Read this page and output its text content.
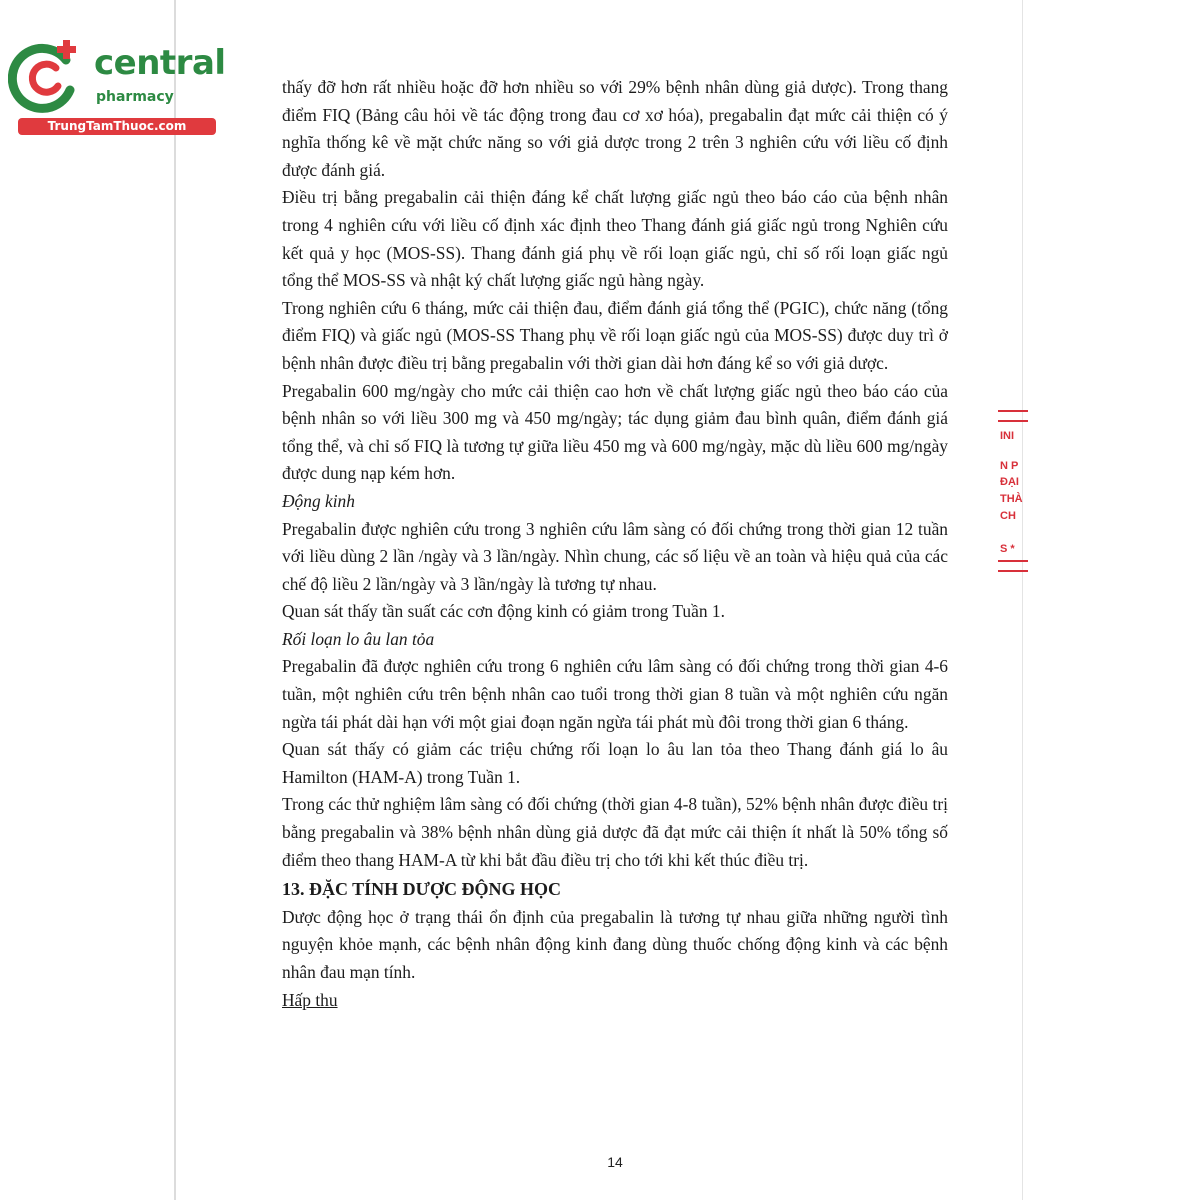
central
pharmacy
TrungTamThuoc.com

thấy đỡ hơn rất nhiều hoặc đỡ hơn nhiều so với 29% bệnh nhân dùng giả dược). Trong thang điểm FIQ (Bảng câu hỏi về tác động trong đau cơ xơ hóa), pregabalin đạt mức cải thiện có ý nghĩa thống kê về mặt chức năng so với giả dược trong 2 trên 3 nghiên cứu với liều cố định được đánh giá.

Điều trị bằng pregabalin cải thiện đáng kể chất lượng giấc ngủ theo báo cáo của bệnh nhân trong 4 nghiên cứu với liều cố định xác định theo Thang đánh giá giấc ngủ trong Nghiên cứu kết quả y học (MOS-SS). Thang đánh giá phụ về rối loạn giấc ngủ, chỉ số rối loạn giấc ngủ tổng thể MOS-SS và nhật ký chất lượng giấc ngủ hàng ngày.

Trong nghiên cứu 6 tháng, mức cải thiện đau, điểm đánh giá tổng thể (PGIC), chức năng (tổng điểm FIQ) và giấc ngủ (MOS-SS Thang phụ về rối loạn giấc ngủ của MOS-SS) được duy trì ở bệnh nhân được điều trị bằng pregabalin với thời gian dài hơn đáng kể so với giả dược.

Pregabalin 600 mg/ngày cho mức cải thiện cao hơn về chất lượng giấc ngủ theo báo cáo của bệnh nhân so với liều 300 mg và 450 mg/ngày; tác dụng giảm đau bình quân, điểm đánh giá tổng thể, và chỉ số FIQ là tương tự giữa liều 450 mg và 600 mg/ngày, mặc dù liều 600 mg/ngày được dung nạp kém hơn.

Động kinh

Pregabalin được nghiên cứu trong 3 nghiên cứu lâm sàng có đối chứng trong thời gian 12 tuần với liều dùng 2 lần /ngày và 3 lần/ngày. Nhìn chung, các số liệu về an toàn và hiệu quả của các chế độ liều 2 lần/ngày và 3 lần/ngày là tương tự nhau.

Quan sát thấy tần suất các cơn động kinh có giảm trong Tuần 1.

Rối loạn lo âu lan tỏa

Pregabalin đã được nghiên cứu trong 6 nghiên cứu lâm sàng có đối chứng trong thời gian 4-6 tuần, một nghiên cứu trên bệnh nhân cao tuổi trong thời gian 8 tuần và một nghiên cứu ngăn ngừa tái phát dài hạn với một giai đoạn ngăn ngừa tái phát mù đôi trong thời gian 6 tháng.

Quan sát thấy có giảm các triệu chứng rối loạn lo âu lan tỏa theo Thang đánh giá lo âu Hamilton (HAM-A) trong Tuần 1.

Trong các thử nghiệm lâm sàng có đối chứng (thời gian 4-8 tuần), 52% bệnh nhân được điều trị bằng pregabalin và 38% bệnh nhân dùng giả dược đã đạt mức cải thiện ít nhất là 50% tổng số điểm theo thang HAM-A từ khi bắt đầu điều trị cho tới khi kết thúc điều trị.

13. ĐẶC TÍNH DƯỢC ĐỘNG HỌC

Dược động học ở trạng thái ổn định của pregabalin là tương tự nhau giữa những người tình nguyện khỏe mạnh, các bệnh nhân động kinh đang dùng thuốc chống động kinh và các bệnh nhân đau mạn tính.

Hấp thu

14
INI
N P
ĐẠI
THÀ
CH
S *
